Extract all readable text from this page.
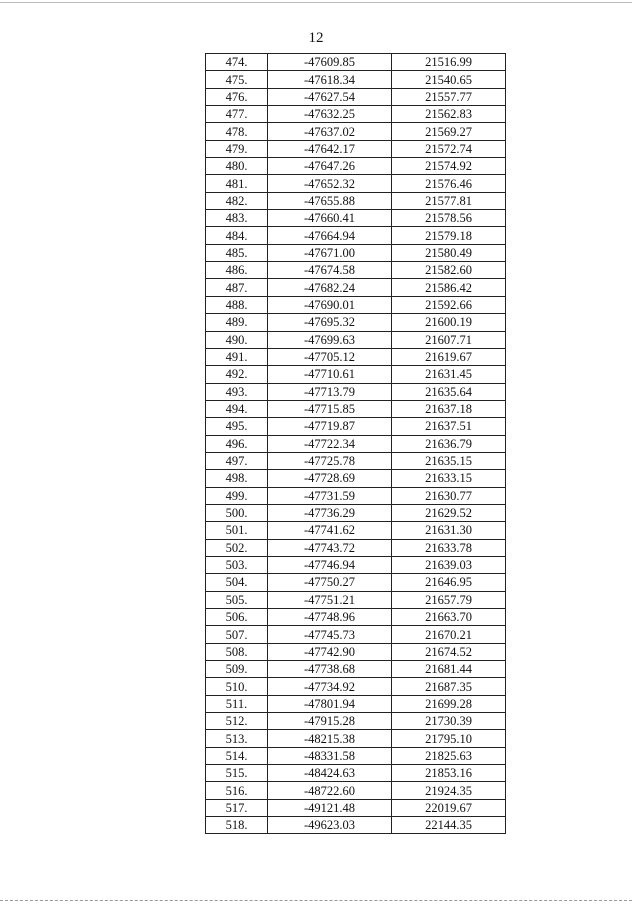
12
474.	-47609.85	21516.99
475.	-47618.34	21540.65
476.	-47627.54	21557.77
477.	-47632.25	21562.83
478.	-47637.02	21569.27
479.	-47642.17	21572.74
480.	-47647.26	21574.92
481.	-47652.32	21576.46
482.	-47655.88	21577.81
483.	-47660.41	21578.56
484.	-47664.94	21579.18
485.	-47671.00	21580.49
486.	-47674.58	21582.60
487.	-47682.24	21586.42
488.	-47690.01	21592.66
489.	-47695.32	21600.19
490.	-47699.63	21607.71
491.	-47705.12	21619.67
492.	-47710.61	21631.45
493.	-47713.79	21635.64
494.	-47715.85	21637.18
495.	-47719.87	21637.51
496.	-47722.34	21636.79
497.	-47725.78	21635.15
498.	-47728.69	21633.15
499.	-47731.59	21630.77
500.	-47736.29	21629.52
501.	-47741.62	21631.30
502.	-47743.72	21633.78
503.	-47746.94	21639.03
504.	-47750.27	21646.95
505.	-47751.21	21657.79
506.	-47748.96	21663.70
507.	-47745.73	21670.21
508.	-47742.90	21674.52
509.	-47738.68	21681.44
510.	-47734.92	21687.35
511.	-47801.94	21699.28
512.	-47915.28	21730.39
513.	-48215.38	21795.10
514.	-48331.58	21825.63
515.	-48424.63	21853.16
516.	-48722.60	21924.35
517.	-49121.48	22019.67
518.	-49623.03	22144.35
